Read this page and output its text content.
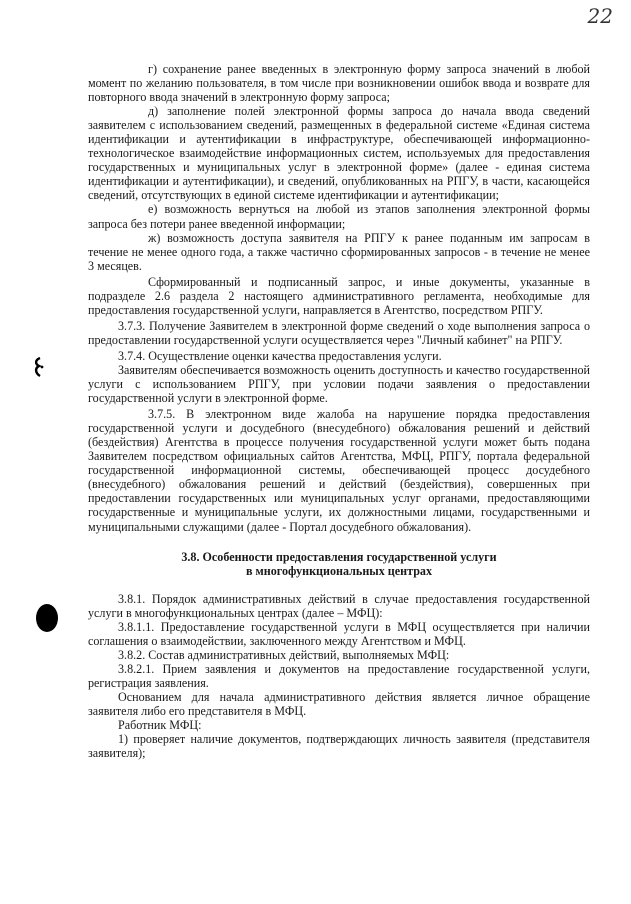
22

г) сохранение ранее введенных в электронную форму запроса значений в любой момент по желанию пользователя, в том числе при возникновении ошибок ввода и возврате для повторного ввода значений в электронную форму запроса;

д) заполнение полей электронной формы запроса до начала ввода сведений заявителем с использованием сведений, размещенных в федеральной системе «Единая система идентификации и аутентификации в инфраструктуре, обеспечивающей информационно-технологическое взаимодействие информационных систем, используемых для предоставления государственных и муниципальных услуг в электронной форме» (далее - единая система идентификации и аутентификации), и сведений, опубликованных на РПГУ, в части, касающейся сведений, отсутствующих в единой системе идентификации и аутентификации;

е) возможность вернуться на любой из этапов заполнения электронной формы запроса без потери ранее введенной информации;

ж) возможность доступа заявителя на РПГУ к ранее поданным им запросам в течение не менее одного года, а также частично сформированных запросов - в течение не менее 3 месяцев.

Сформированный и подписанный запрос, и иные документы, указанные в подразделе 2.6 раздела 2 настоящего административного регламента, необходимые для предоставления государственной услуги, направляется в Агентство, посредством РПГУ.

3.7.3. Получение Заявителем в электронной форме сведений о ходе выполнения запроса о предоставлении государственной услуги осуществляется через "Личный кабинет" на РПГУ.

3.7.4. Осуществление оценки качества предоставления услуги.

Заявителям обеспечивается возможность оценить доступность и качество государственной услуги с использованием РПГУ, при условии подачи заявления о предоставлении государственной услуги в электронной форме.

3.7.5. В электронном виде жалоба на нарушение порядка предоставления государственной услуги и досудебного (внесудебного) обжалования решений и действий (бездействия) Агентства в процессе получения государственной услуги может быть подана Заявителем посредством официальных сайтов Агентства, МФЦ, РПГУ, портала федеральной государственной информационной системы, обеспечивающей процесс досудебного (внесудебного) обжалования решений и действий (бездействия), совершенных при предоставлении государственных или муниципальных услуг органами, предоставляющими государственные и муниципальные услуги, их должностными лицами, государственными и муниципальными служащими (далее - Портал досудебного обжалования).

3.8. Особенности предоставления государственной услуги
в многофункциональных центрах

3.8.1. Порядок административных действий в случае предоставления государственной услуги в многофункциональных центрах (далее – МФЦ):

3.8.1.1. Предоставление государственной услуги в МФЦ осуществляется при наличии соглашения о взаимодействии, заключенного между Агентством и МФЦ.

3.8.2. Состав административных действий, выполняемых МФЦ:

3.8.2.1. Прием заявления и документов на предоставление государственной услуги, регистрация заявления.

Основанием для начала административного действия является личное обращение заявителя либо его представителя в МФЦ.

Работник МФЦ:

1) проверяет наличие документов, подтверждающих личность заявителя (представителя заявителя);
